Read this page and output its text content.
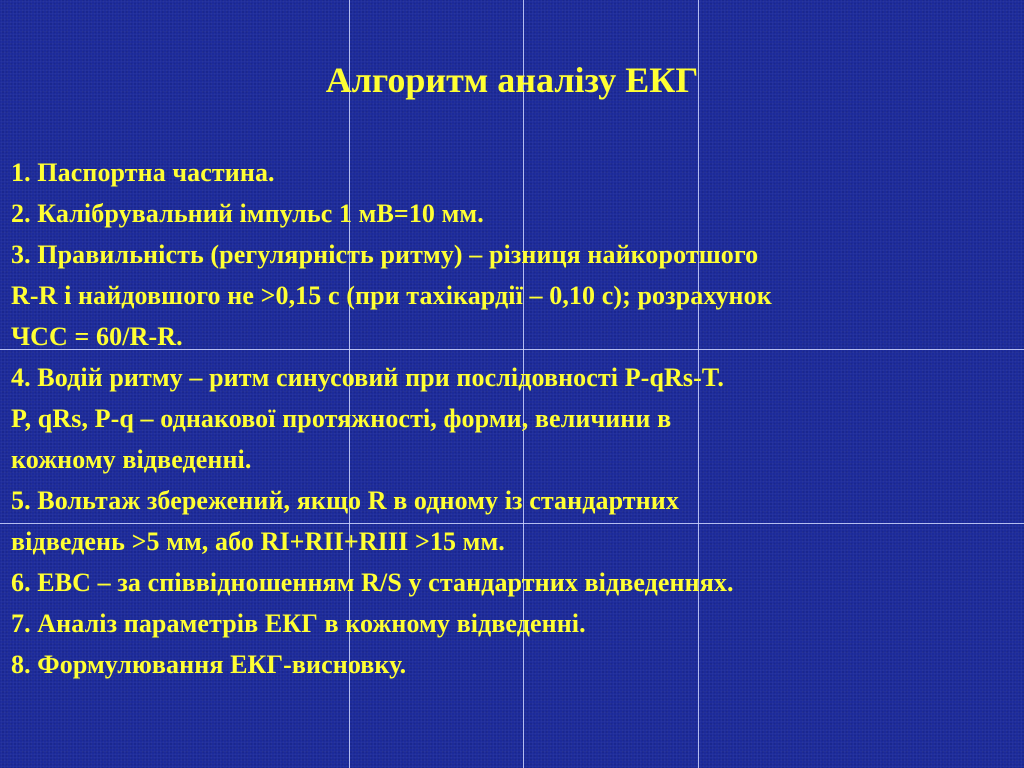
Алгоритм аналізу ЕКГ
1. Паспортна частина.
2. Калібрувальний імпульс 1 мВ=10 мм.
3. Правильність (регулярність ритму) – різниця найкоротшого
R-R і найдовшого не >0,15 с (при тахікардії – 0,10 с); розрахунок
ЧСС = 60/R-R.
4. Водій ритму – ритм синусовий при послідовності P-qRs-T.
P, qRs, P-q – однакової протяжності, форми, величини в
кожному відведенні.
5. Вольтаж збережений, якщо R в одному із стандартних
відведень >5 мм, або RI+RII+RIII >15 мм.
6. ЕВС – за співвідношенням R/S у стандартних відведеннях.
7. Аналіз параметрів ЕКГ в кожному відведенні.
8. Формулювання ЕКГ-висновку.
